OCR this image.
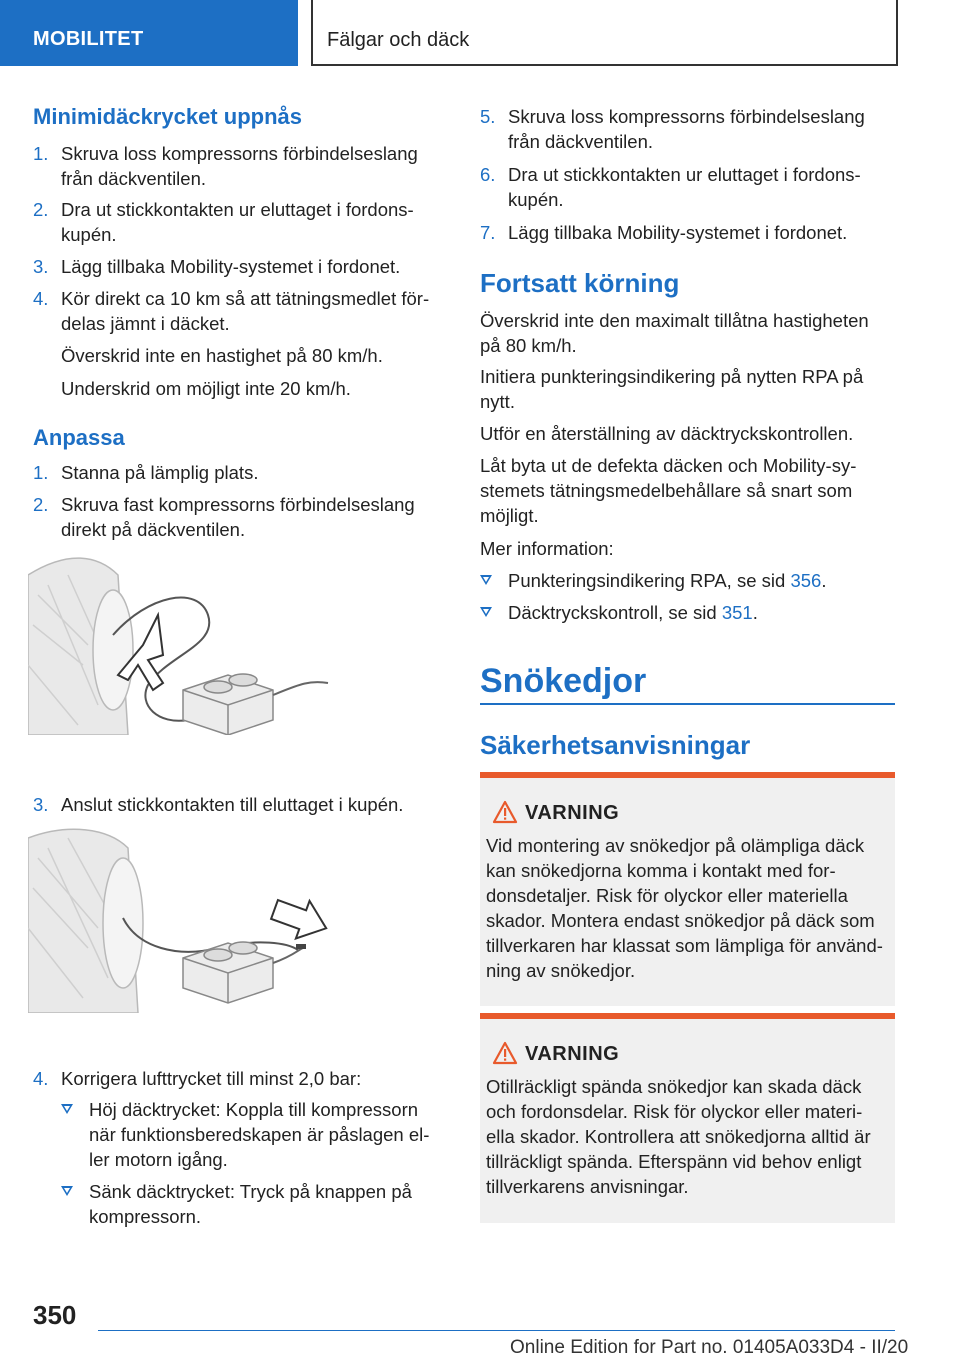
MOBILITET	Fälgar och däck
Minimidäckrycket uppnås
1. Skruva loss kompressorns förbindelseslang från däckventilen.
2. Dra ut stickkontakten ur eluttaget i fordons-kupén.
3. Lägg tillbaka Mobility-systemet i fordonet.
4. Kör direkt ca 10 km så att tätningsmedlet för-delas jämnt i däcket.
Överskrid inte en hastighet på 80 km/h.
Underskrid om möjligt inte 20 km/h.
Anpassa
1. Stanna på lämplig plats.
2. Skruva fast kompressorns förbindelseslang direkt på däckventilen.
3. Anslut stickkontakten till eluttaget i kupén.
4. Korrigera lufttrycket till minst 2,0 bar:
Höj däcktrycket: Koppla till kompressorn när funktionsberedskapen är påslagen el-ler motorn igång.
Sänk däcktrycket: Tryck på knappen på kompressorn.
5. Skruva loss kompressorns förbindelseslang från däckventilen.
6. Dra ut stickkontakten ur eluttaget i fordons-kupén.
7. Lägg tillbaka Mobility-systemet i fordonet.
Fortsatt körning
Överskrid inte den maximalt tillåtna hastigheten på 80 km/h.
Initiera punkteringsindikering på nytten RPA på nytt.
Utför en återställning av däcktryckskontrollen.
Låt byta ut de defekta däcken och Mobility-sy-stemets tätningsmedelbehållare så snart som möjligt.
Mer information:
Punkteringsindikering RPA, se sid 356.
Däcktryckskontroll, se sid 351.
Snökedjor
Säkerhetsanvisningar
VARNING
Vid montering av snökedjor på olämpliga däck kan snökedjorna komma i kontakt med for-donsdetaljer. Risk för olyckor eller materiella skador. Montera endast snökedjor på däck som tillverkaren har klassat som lämpliga för använd-ning av snökedjor.
VARNING
Otillräckligt spända snökedjor kan skada däck och fordonsdelar. Risk för olyckor eller materi-ella skador. Kontrollera att snökedjorna alltid är tillräckligt spända. Efterspänn vid behov enligt tillverkarens anvisningar.
350
Online Edition for Part no. 01405A033D4 - II/20
